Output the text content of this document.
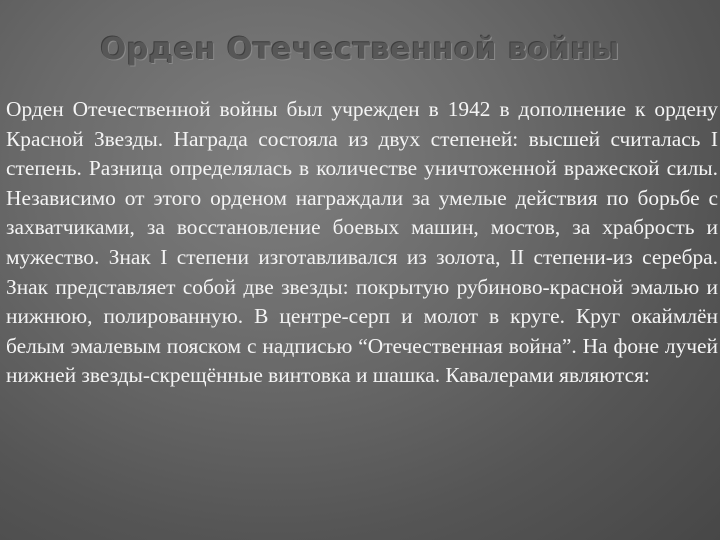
Орден Отечественной войны

Орден Отечественной войны был учрежден в 1942 в дополнение к ордену Красной Звезды. Награда состояла из двух степеней: высшей считалась I степень. Разница определялась в количестве уничтоженной вражеской силы. Независимо от этого орденом награждали за умелые действия по борьбе с захватчиками, за восстановление боевых машин, мостов, за храбрость и мужество. Знак I степени изготавливался из золота, II степени-из серебра. Знак представляет собой две звезды: покрытую рубиново-красной эмалью и нижнюю, полированную. В центре-серп и молот в круге. Круг окаймлён белым эмалевым пояском с надписью “Отечественная война”. На фоне лучей нижней звезды-скрещённые винтовка и шашка. Кавалерами являются:
